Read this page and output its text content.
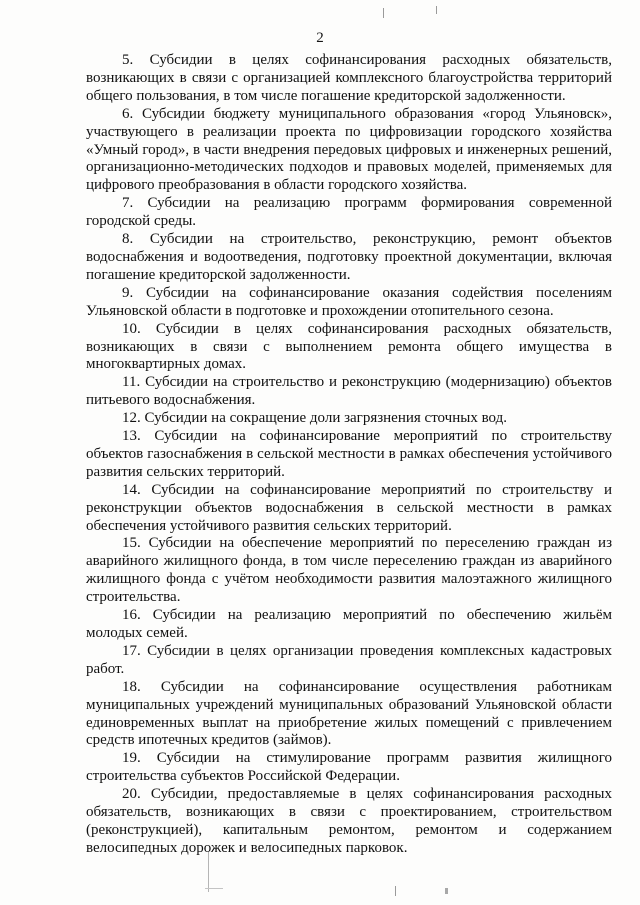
2

5. Субсидии в целях софинансирования расходных обязательств, возникающих в связи с организацией комплексного благоустройства территорий общего пользования, в том числе погашение кредиторской задолженности.

6. Субсидии бюджету муниципального образования «город Ульяновск», участвующего в реализации проекта по цифровизации городского хозяйства «Умный город», в части внедрения передовых цифровых и инженерных решений, организационно-методических подходов и правовых моделей, применяемых для цифрового преобразования в области городского хозяйства.

7. Субсидии на реализацию программ формирования современной городской среды.

8. Субсидии на строительство, реконструкцию, ремонт объектов водоснабжения и водоотведения, подготовку проектной документации, включая погашение кредиторской задолженности.

9. Субсидии на софинансирование оказания содействия поселениям Ульяновской области в подготовке и прохождении отопительного сезона.

10. Субсидии в целях софинансирования расходных обязательств, возникающих в связи с выполнением ремонта общего имущества в многоквартирных домах.

11. Субсидии на строительство и реконструкцию (модернизацию) объектов питьевого водоснабжения.

12. Субсидии на сокращение доли загрязнения сточных вод.

13. Субсидии на софинансирование мероприятий по строительству объектов газоснабжения в сельской местности в рамках обеспечения устойчивого развития сельских территорий.

14. Субсидии на софинансирование мероприятий по строительству и реконструкции объектов водоснабжения в сельской местности в рамках обеспечения устойчивого развития сельских территорий.

15. Субсидии на обеспечение мероприятий по переселению граждан из аварийного жилищного фонда, в том числе переселению граждан из аварийного жилищного фонда с учётом необходимости развития малоэтажного жилищного строительства.

16. Субсидии на реализацию мероприятий по обеспечению жильём молодых семей.

17. Субсидии в целях организации проведения комплексных кадастровых работ.

18. Субсидии на софинансирование осуществления работникам муниципальных учреждений муниципальных образований Ульяновской области единовременных выплат на приобретение жилых помещений с привлечением средств ипотечных кредитов (займов).

19. Субсидии на стимулирование программ развития жилищного строительства субъектов Российской Федерации.

20. Субсидии, предоставляемые в целях софинансирования расходных обязательств, возникающих в связи с проектированием, строительством (реконструкцией), капитальным ремонтом, ремонтом и содержанием велосипедных дорожек и велосипедных парковок.
